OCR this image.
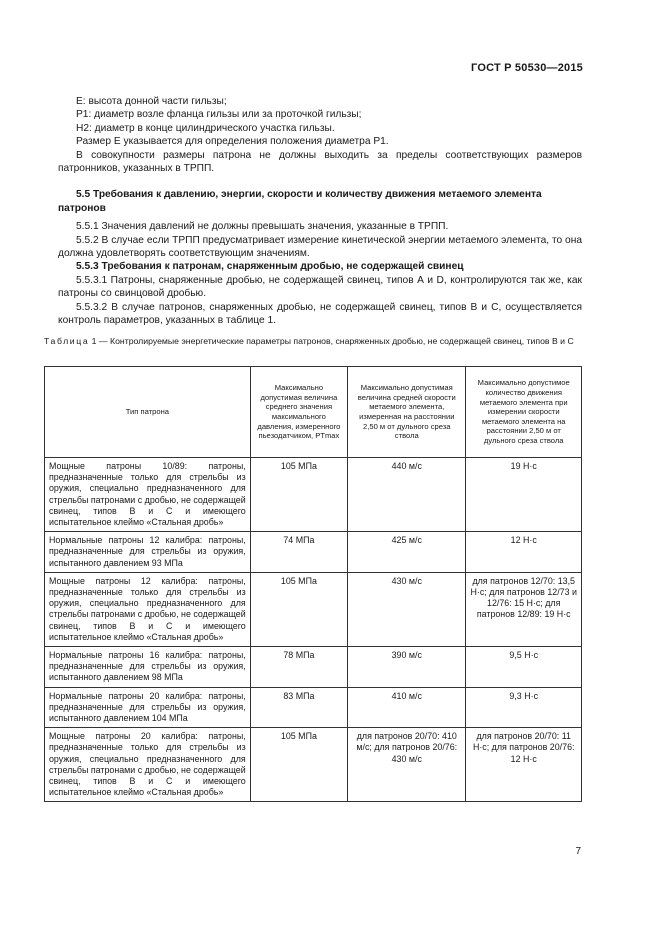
ГОСТ Р 50530—2015

Е: высота донной части гильзы;

Р1: диаметр возле фланца гильзы или за проточкой гильзы;

Н2: диаметр в конце цилиндрического участка гильзы.

Размер Е указывается для определения положения диаметра Р1.

В совокупности размеры патрона не должны выходить за пределы соответствующих размеров патронников, указанных в ТРПП.

5.5 Требования к давлению, энергии, скорости и количеству движения метаемого элемента патронов

5.5.1 Значения давлений не должны превышать значения, указанные в ТРПП.

5.5.2 В случае если ТРПП предусматривает измерение кинетической энергии метаемого элемента, то она должна удовлетворять соответствующим значениям.

5.5.3 Требования к патронам, снаряженным дробью, не содержащей свинец

5.5.3.1 Патроны, снаряженные дробью, не содержащей свинец, типов А и D, контролируются так же, как патроны со свинцовой дробью.

5.5.3.2 В случае патронов, снаряженных дробью, не содержащей свинец, типов В и С, осуществляется контроль параметров, указанных в таблице 1.

Таблица 1 — Контролируемые энергетические параметры патронов, снаряженных дробью, не содержащей свинец, типов В и С
Тип патрона	Максимально допустимая величина среднего значения максимального давления, измеренного пьезодатчиком, PTmax	Максимально допустимая величина средней скорости метаемого элемента, измеренная на расстоянии 2,50 м от дульного среза ствола	Максимально допустимое количество движения метаемого элемента при измерении скорости метаемого элемента на расстоянии 2,50 м от дульного среза ствола
Мощные патроны 10/89: патроны, предназначенные только для стрельбы из оружия, специально предназначенного для стрельбы патронами с дробью, не содержащей свинец, типов В и С и имеющего испытательное клеймо «Стальная дробь»	105 МПа	440 м/с	19 Н·с
Нормальные патроны 12 калибра: патроны, предназначенные для стрельбы из оружия, испытанного давлением 93 МПа	74 МПа	425 м/с	12 Н·с
Мощные патроны 12 калибра: патроны, предназначенные только для стрельбы из оружия, специально предназначенного для стрельбы патронами с дробью, не содержащей свинец, типов В и С и имеющего испытательное клеймо «Стальная дробь»	105 МПа	430 м/с	для патронов 12/70: 13,5 Н·с; для патронов 12/73 и 12/76: 15 Н·с; для патронов 12/89: 19 Н·с
Нормальные патроны 16 калибра: патроны, предназначенные для стрельбы из оружия, испытанного давлением 98 МПа	78 МПа	390 м/с	9,5 Н·с
Нормальные патроны 20 калибра: патроны, предназначенные для стрельбы из оружия, испытанного давлением 104 МПа	83 МПа	410 м/с	9,3 Н·с
Мощные патроны 20 калибра: патроны, предназначенные только для стрельбы из оружия, специально предназначенного для стрельбы патронами с дробью, не содержащей свинец, типов В и С и имеющего испытательное клеймо «Стальная дробь»	105 МПа	для патронов 20/70: 410 м/с; для патронов 20/76: 430 м/с	для патронов 20/70: 11 Н·с; для патронов 20/76: 12 Н·с
7
